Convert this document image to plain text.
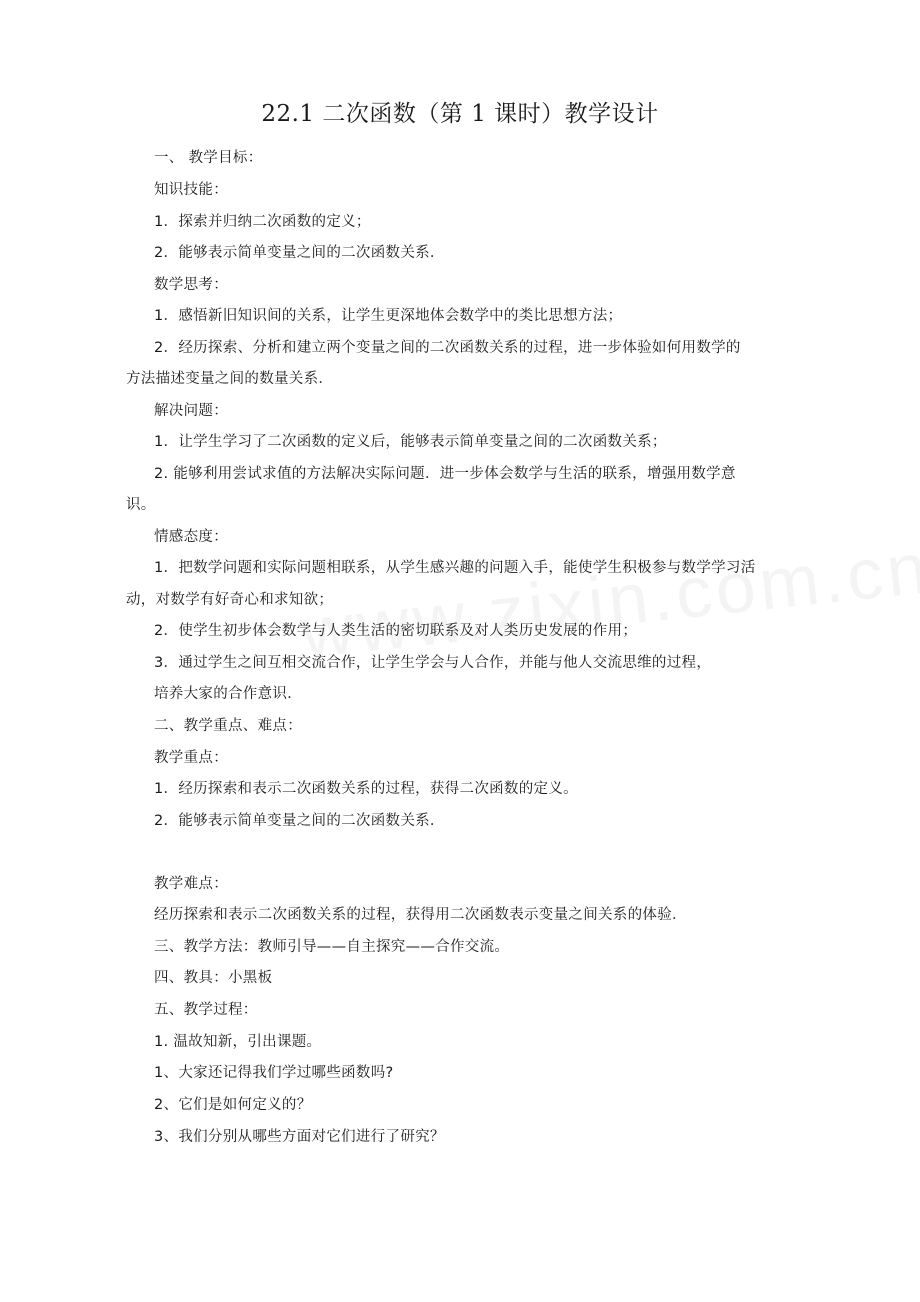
22.1 二次函数（第 1 课时）教学设计
一、 教学目标：
知识技能：
1．探索并归纳二次函数的定义；
2．能够表示简单变量之间的二次函数关系．
数学思考：
1．感悟新旧知识间的关系，让学生更深地体会数学中的类比思想方法；
2．经历探索、分析和建立两个变量之间的二次函数关系的过程，进一步体验如何用数学的
方法描述变量之间的数量关系．
解决问题：
1．让学生学习了二次函数的定义后，能够表示简单变量之间的二次函数关系；
2. 能够利用尝试求值的方法解决实际问题．进一步体会数学与生活的联系，增强用数学意
识。
情感态度：
1．把数学问题和实际问题相联系，从学生感兴趣的问题入手，能使学生积极参与数学学习活
动，对数学有好奇心和求知欲；
2．使学生初步体会数学与人类生活的密切联系及对人类历史发展的作用；
3．通过学生之间互相交流合作，让学生学会与人合作，并能与他人交流思维的过程，
培养大家的合作意识．
二、教学重点、难点：
教学重点：
1．经历探索和表示二次函数关系的过程，获得二次函数的定义。
2．能够表示简单变量之间的二次函数关系．
教学难点：
经历探索和表示二次函数关系的过程，获得用二次函数表示变量之间关系的体验．
三、教学方法：教师引导——自主探究——合作交流。
四、教具：小黑板
五、教学过程：
1. 温故知新，引出课题。
1、大家还记得我们学过哪些函数吗?
2、它们是如何定义的？
3、我们分别从哪些方面对它们进行了研究？
